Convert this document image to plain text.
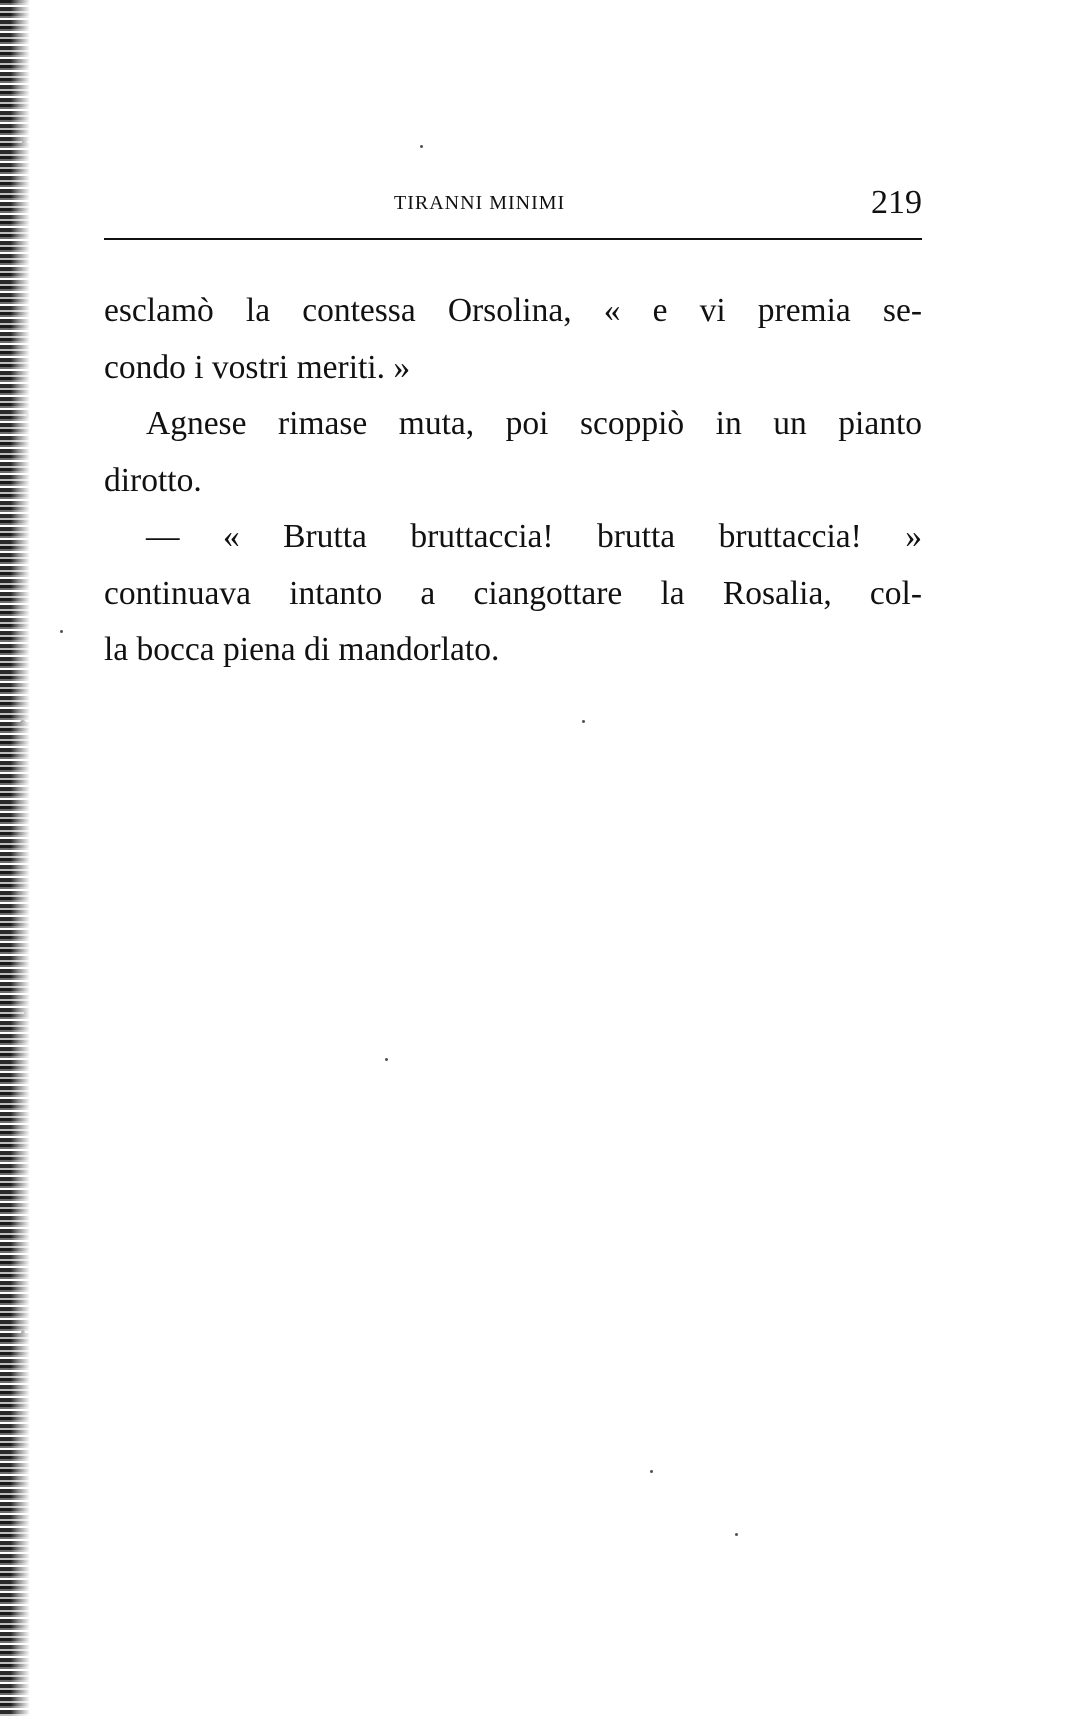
TIRANNI MINIMI	219
esclamò la contessa Orsolina, « e vi premia se-
condo i vostri meriti. »
Agnese rimase muta, poi scoppiò in un pianto
dirotto.
— « Brutta bruttaccia! brutta bruttaccia! »
continuava intanto a ciangottare la Rosalia, col-
la bocca piena di mandorlato.
